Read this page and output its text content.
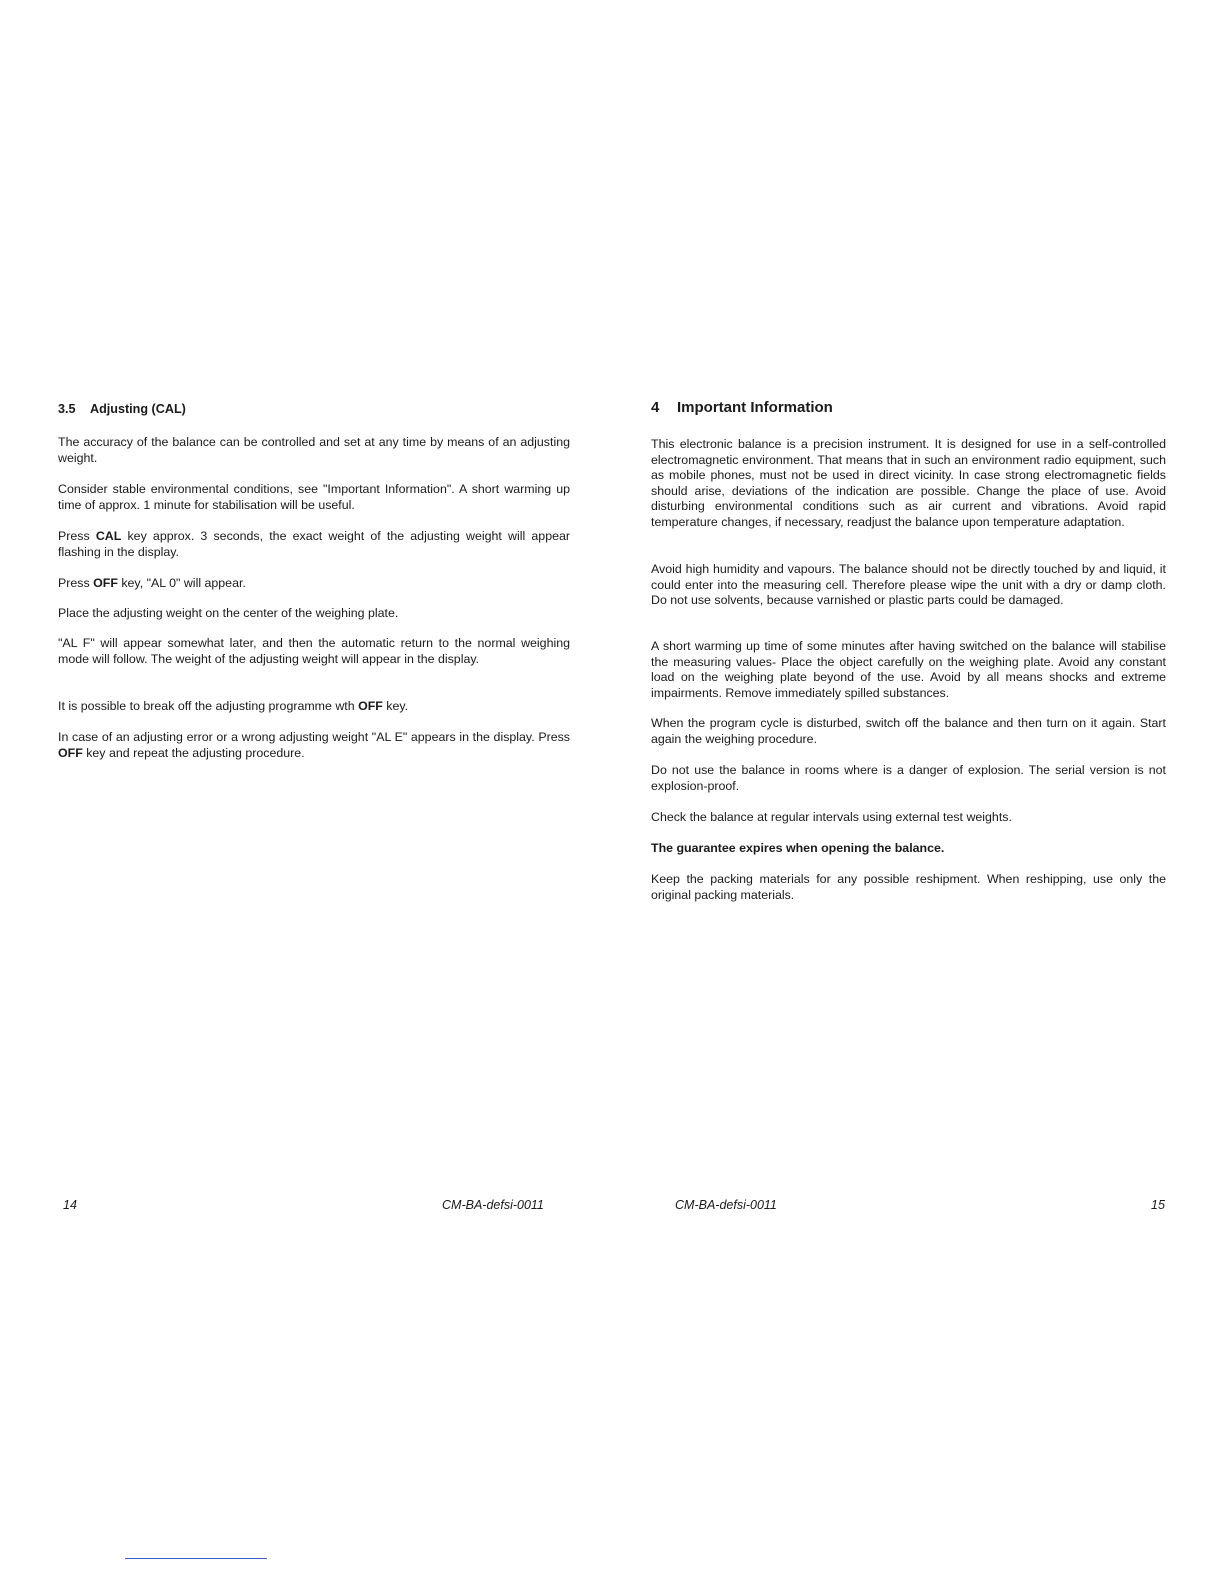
3.5 Adjusting (CAL)

The accuracy of the balance can be controlled and set at any time by means of an adjusting weight.

Consider stable environmental conditions, see "Important Information". A short warming up time of approx. 1 minute for stabilisation will be useful.

Press CAL key approx. 3 seconds, the exact weight of the adjusting weight will appear flashing in the display.

Press OFF key, "AL 0" will appear.

Place the adjusting weight on the center of the weighing plate.

"AL F" will appear somewhat later, and then the automatic return to the normal weighing mode will follow. The weight of the adjusting weight will appear in the display.

It is possible to break off the adjusting programme wth OFF key.

In case of an adjusting error or a wrong adjusting weight "AL E" appears in the display. Press OFF key and repeat the adjusting procedure.

4 Important Information

This electronic balance is a precision instrument. It is designed for use in a self-controlled electromagnetic environment. That means that in such an environment radio equipment, such as mobile phones, must not be used in direct vicinity. In case strong electromagnetic fields should arise, deviations of the indication are possible. Change the place of use. Avoid disturbing environmental conditions such as air current and vibrations. Avoid rapid temperature changes, if necessary, readjust the balance upon temperature adaptation.

Avoid high humidity and vapours. The balance should not be directly touched by and liquid, it could enter into the measuring cell. Therefore please wipe the unit with a dry or damp cloth. Do not use solvents, because varnished or plastic parts could be damaged.

A short warming up time of some minutes after having switched on the balance will stabilise the measuring values- Place the object carefully on the weighing plate. Avoid any constant load on the weighing plate beyond of the use. Avoid by all means shocks and extreme impairments. Remove immediately spilled substances.

When the program cycle is disturbed, switch off the balance and then turn on it again. Start again the weighing procedure.

Do not use the balance in rooms where is a danger of explosion. The serial version is not explosion-proof.

Check the balance at regular intervals using external test weights.

The guarantee expires when opening the balance.

Keep the packing materials for any possible reshipment. When reshipping, use only the original packing materials.

14	CM-BA-defsi-0011	CM-BA-defsi-0011	15
